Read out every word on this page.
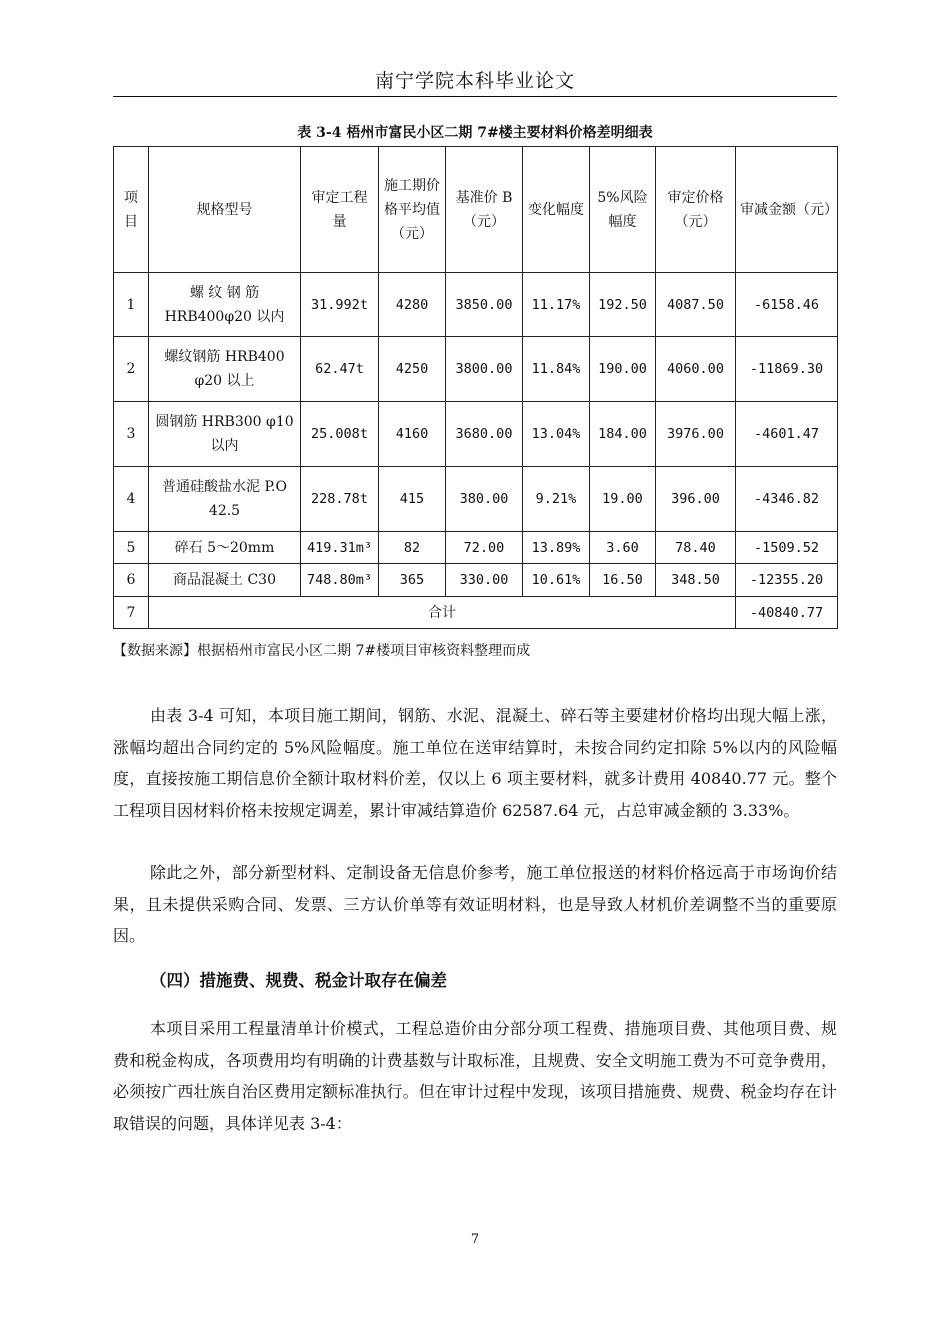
南宁学院本科毕业论文
表 3-4 梧州市富民小区二期 7#楼主要材料价格差明细表
项目	规格型号	审定工程量	施工期价格平均值（元）	基准价 B（元）	变化幅度	5%风险幅度	审定价格（元）	审减金额（元）
1	螺 纹 钢 筋 HRB400φ20 以内	31.992t	4280	3850.00	11.17%	192.50	4087.50	-6158.46
2	螺纹钢筋 HRB400 φ20 以上	62.47t	4250	3800.00	11.84%	190.00	4060.00	-11869.30
3	圆钢筋 HRB300 φ10 以内	25.008t	4160	3680.00	13.04%	184.00	3976.00	-4601.47
4	普通硅酸盐水泥 P.O 42.5	228.78t	415	380.00	9.21%	19.00	396.00	-4346.82
5	碎石 5～20mm	419.31m³	82	72.00	13.89%	3.60	78.40	-1509.52
6	商品混凝土 C30	748.80m³	365	330.00	10.61%	16.50	348.50	-12355.20
7	合计							-40840.77
【数据来源】根据梧州市富民小区二期 7#楼项目审核资料整理而成

由表 3-4 可知，本项目施工期间，钢筋、水泥、混凝土、碎石等主要建材价格均出现大幅上涨，涨幅均超出合同约定的 5%风险幅度。施工单位在送审结算时，未按合同约定扣除 5%以内的风险幅度，直接按施工期信息价全额计取材料价差，仅以上 6 项主要材料，就多计费用 40840.77 元。整个工程项目因材料价格未按规定调差，累计审减结算造价 62587.64 元，占总审减金额的 3.33%。

除此之外，部分新型材料、定制设备无信息价参考，施工单位报送的材料价格远高于市场询价结果，且未提供采购合同、发票、三方认价单等有效证明材料，也是导致人材机价差调整不当的重要原因。

（四）措施费、规费、税金计取存在偏差

本项目采用工程量清单计价模式，工程总造价由分部分项工程费、措施项目费、其他项目费、规费和税金构成，各项费用均有明确的计费基数与计取标准，且规费、安全文明施工费为不可竞争费用，必须按广西壮族自治区费用定额标准执行。但在审计过程中发现，该项目措施费、规费、税金均存在计取错误的问题，具体详见表 3-4：

7
